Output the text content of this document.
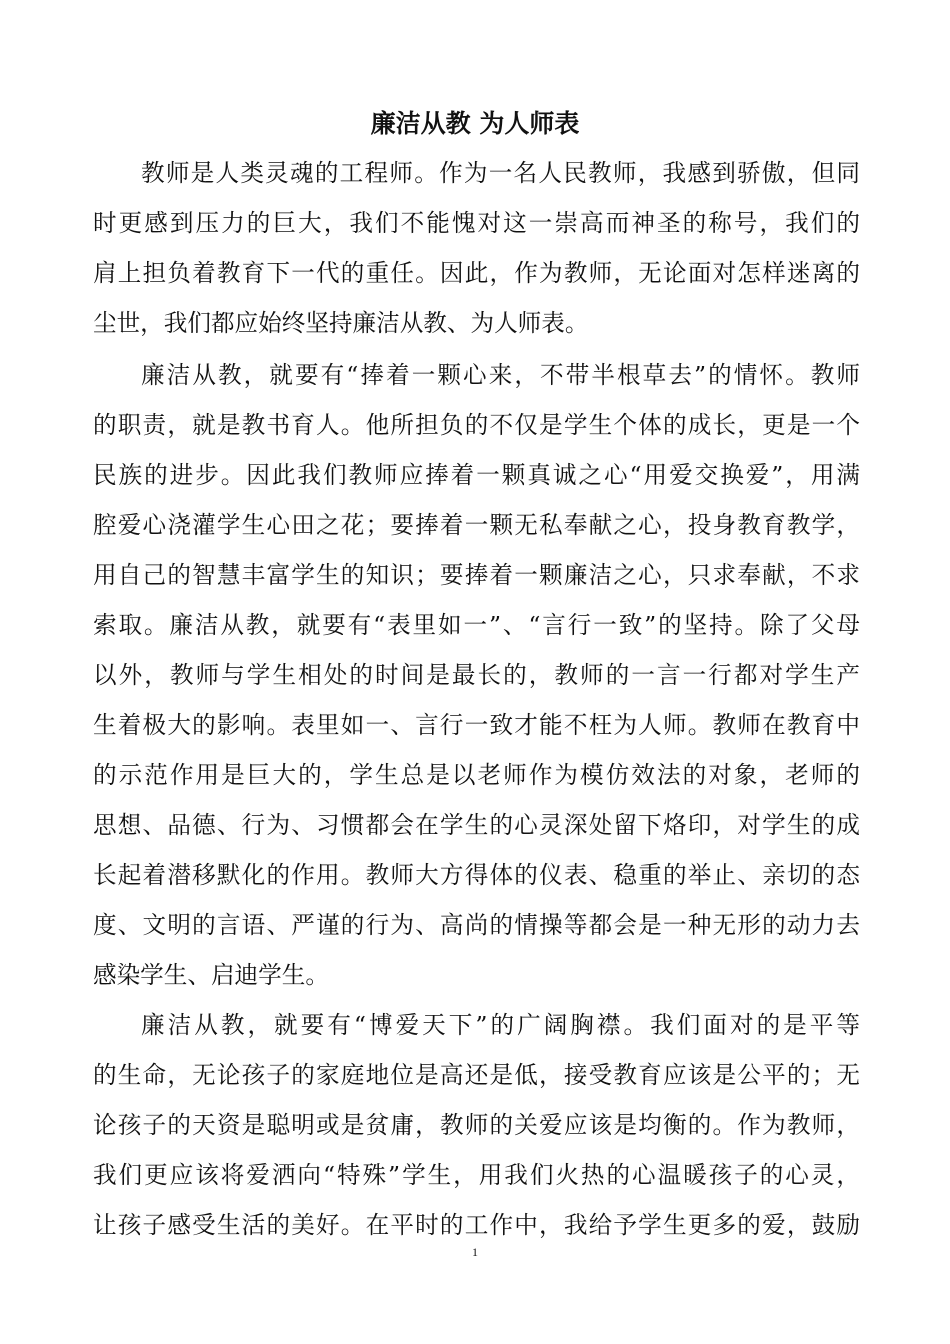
廉洁从教 为人师表
教师是人类灵魂的工程师。作为一名人民教师，我感到骄傲，但同
时更感到压力的巨大，我们不能愧对这一崇高而神圣的称号，我们的
肩上担负着教育下一代的重任。因此，作为教师，无论面对怎样迷离的
尘世，我们都应始终坚持廉洁从教、为人师表。
廉洁从教，就要有“捧着一颗心来，不带半根草去”的情怀。教师
的职责，就是教书育人。他所担负的不仅是学生个体的成长，更是一个
民族的进步。因此我们教师应捧着一颗真诚之心“用爱交换爱”，用满
腔爱心浇灌学生心田之花；要捧着一颗无私奉献之心，投身教育教学，
用自己的智慧丰富学生的知识；要捧着一颗廉洁之心，只求奉献，不求
索取。廉洁从教，就要有“表里如一”、“言行一致”的坚持。除了父母
以外，教师与学生相处的时间是最长的，教师的一言一行都对学生产
生着极大的影响。表里如一、言行一致才能不枉为人师。教师在教育中
的示范作用是巨大的，学生总是以老师作为模仿效法的对象，老师的
思想、品德、行为、习惯都会在学生的心灵深处留下烙印，对学生的成
长起着潜移默化的作用。教师大方得体的仪表、稳重的举止、亲切的态
度、文明的言语、严谨的行为、高尚的情操等都会是一种无形的动力去
感染学生、启迪学生。
廉洁从教，就要有“博爱天下”的广阔胸襟。我们面对的是平等
的生命，无论孩子的家庭地位是高还是低，接受教育应该是公平的；无
论孩子的天资是聪明或是贫庸，教师的关爱应该是均衡的。作为教师，
我们更应该将爱洒向“特殊”学生，用我们火热的心温暖孩子的心灵，
让孩子感受生活的美好。在平时的工作中，我给予学生更多的爱，鼓励
1
